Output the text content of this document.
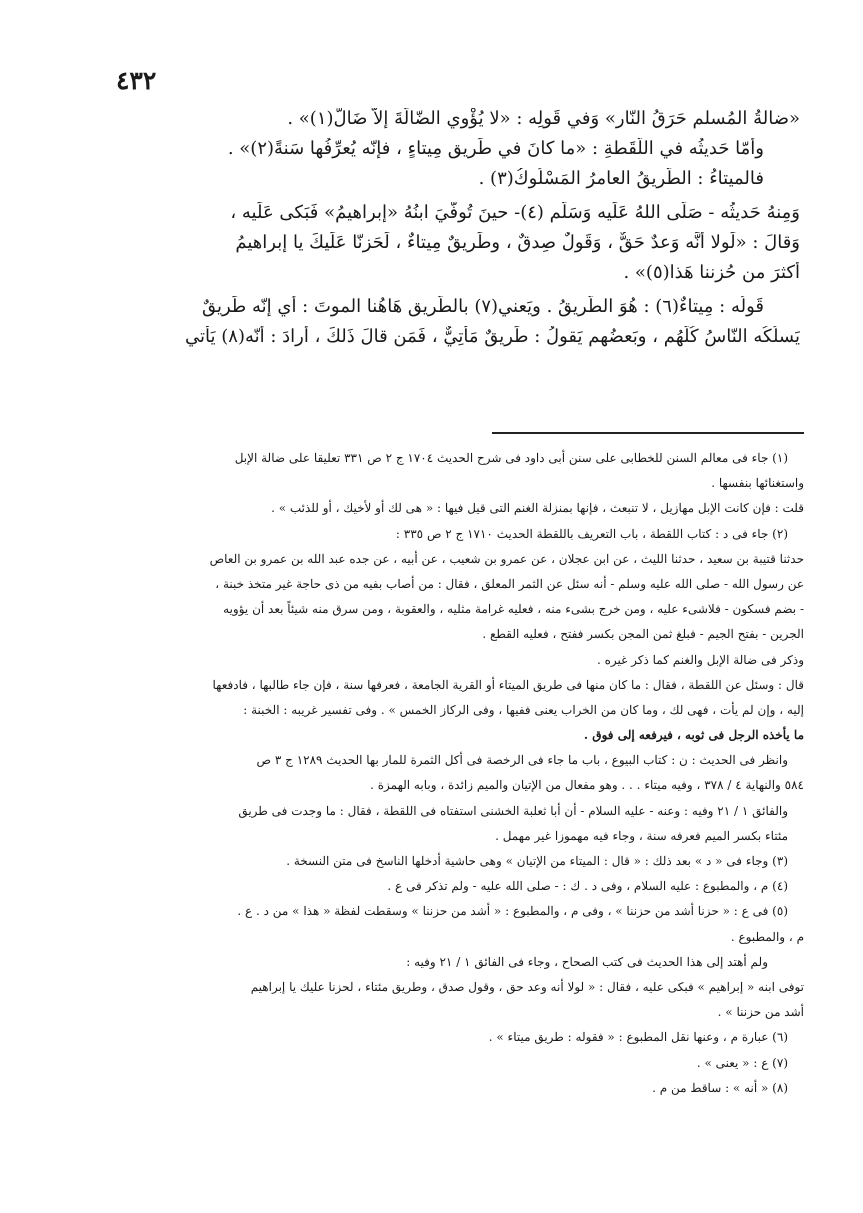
٤٣٢

«ضالةُ المُسلمِ حَرَقُ النّارِ» وَفي قَولِه : «لا يُؤْوِي الضّالّةَ إلاّ ضَالٌّ(١)» .

وأمّا حَديثُه في اللُّقَطةِ : «ما كانَ في طَريقٍ مِيتاءٍ ، فإنّه يُعرِّفُها سَنةً(٢)» .

فالميتاءُ : الطّريقُ العامرُ المَسْلُوكُ(٣) .

وَمِنهُ حَديثُه - صَلّى اللهُ عَلَيه وَسَلَّم (٤)- حينَ تُوفّيَ ابنُهُ «إبراهيمُ» فَبَكى عَلَيه ،

وَقالَ : «لَولا أنَّه وَعدٌ حَقٌّ ، وَقَولٌ صِدقٌ ، وطَريقٌ مِيتاءٌ ، لَحَزِنّا عَلَيكَ يا إبراهيمُ

أكثرَ من حُزننا هَذا(٥)» .

قَولُه : مِيتاءٌ(٦) : هُوَ الطَّريقُ . ويَعني(٧) بالطَّريقِ هَاهُنا الموتَ : أي إنّه طَريقٌ

يَسلُكُه النّاسُ كُلُّهُم ، وبَعضُهم يَقولُ : طَريقٌ مَأْتِيٌّ ، فَمَن قالَ ذَلكَ ، أرادَ : أنّه(٨) يَأْتي

(١) جاء فى معالم السنن للخطابى على سنن أبى داود فى شرح الحديث ١٧٠٤ ج ٢ ص ٣٣١ تعليقا على ضالة الإبل

واستغنائها بنفسها .

قلت : فإن كانت الإبل مهازيل ، لا تنبعث ، فإنها بمنزلة الغنم التى قيل فيها : « هى لك أو لأخيك ، أو للذئب » .

(٢) جاء فى د : كتاب اللقطة ، باب التعريف باللقطة الحديث ١٧١٠ ج ٢ ص ٣٣٥ :

حدثنا قتيبة بن سعيد ، حدثنا الليث ، عن ابن عجلان ، عن عمرو بن شعيب ، عن أبيه ، عن جده عبد الله بن عمرو بن العاص

عن رسول الله - صلى الله عليه وسلم - أنه سئل عن الثمر المعلق ، فقال : من أصاب بفيه من ذى حاجة غير متخذ خبنة ،

- بضم فسكون - فلاشىء عليه ، ومن خرج بشىء منه ، فعليه غرامة مثليه ، والعقوبة ، ومن سرق منه شيئاً بعد أن يؤويه

الجرين - بفتح الجيم - فبلغ ثمن المجن بكسر ففتح ، فعليه القطع .

وذكر فى ضالة الإبل والغنم كما ذكر غيره .

قال : وسئل عن اللقطة ، فقال : ما كان منها فى طريق الميتاء أو القرية الجامعة ، فعرفها سنة ، فإن جاء طالبها ، فادفعها

إليه ، وإن لم يأت ، فهى لك ، وما كان من الخراب يعنى ففيها ، وفى الركاز الخمس » . وفى تفسير غريبه : الخبنة :

ما يأخذه الرجل فى ثوبه ، فيرفعه إلى فوق .

وانظر فى الحديث : ن : كتاب البيوع ، باب ما جاء فى الرخصة فى أكل الثمرة للمار بها الحديث ١٢٨٩ ج ٣ ص

٥٨٤ والنهاية ٤ / ٣٧٨ ، وفيه ميتاء . . . وهو مفعال من الإتيان والميم زائدة ، وبابه الهمزة .

والفائق ١ / ٢١ وفيه : وعنه - عليه السلام - أن أبا ثعلبة الخشنى استفتاه فى اللقطة ، فقال : ما وجدت فى طريق

مئتاء بكسر الميم فعرفه سنة ، وجاء فيه مهموزا غير مهمل .

(٣) وجاء فى « د » بعد ذلك : « قال : الميتاء من الإتيان » وهى حاشية أدخلها الناسخ فى متن النسخة .

(٤) م ، والمطبوع : عليه السلام ، وفى د . ك : - صلى الله عليه - ولم تذكر فى ع .

(٥) فى ع : « حزنا أشد من حزننا » ، وفى م ، والمطبوع : « أشد من حزننا » وسقطت لفظة « هذا » من د . ع .

م ، والمطبوع .

ولم أهتد إلى هذا الحديث فى كتب الصحاح ، وجاء فى الفائق ١ / ٢١ وفيه :

توفى ابنه « إبراهيم » فبكى عليه ، فقال : « لولا أنه وعد حق ، وقول صدق ، وطريق مئتاء ، لحزنا عليك يا إبراهيم

أشد من حزننا » .

(٦) عبارة م ، وعنها نقل المطبوع : « فقوله : طريق ميتاء » .

(٧) ع : « يعنى » .

(٨) « أنه » : ساقط من م .
